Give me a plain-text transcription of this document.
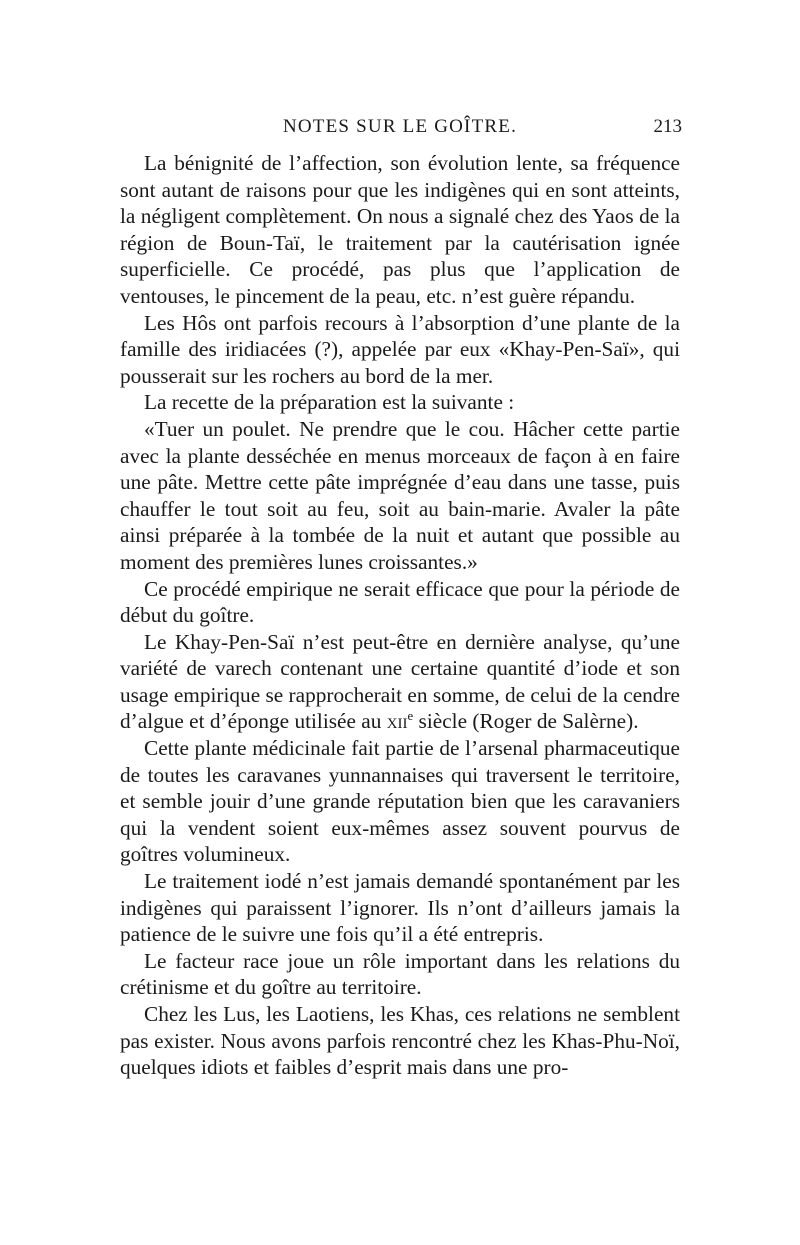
NOTES SUR LE GOÎTRE.	213

La bénignité de l’affection, son évolution lente, sa fréquence sont autant de raisons pour que les indigènes qui en sont atteints, la négligent complètement. On nous a signalé chez des Yaos de la région de Boun-Taï, le traitement par la cautérisation ignée superficielle. Ce procédé, pas plus que l’application de ventouses, le pincement de la peau, etc. n’est guère répandu.

Les Hôs ont parfois recours à l’absorption d’une plante de la famille des iridiacées (?), appelée par eux «Khay-Pen-Saï», qui pousserait sur les rochers au bord de la mer.

La recette de la préparation est la suivante :

«Tuer un poulet. Ne prendre que le cou. Hâcher cette partie avec la plante desséchée en menus morceaux de façon à en faire une pâte. Mettre cette pâte imprégnée d’eau dans une tasse, puis chauffer le tout soit au feu, soit au bain-marie. Avaler la pâte ainsi préparée à la tombée de la nuit et autant que possible au moment des premières lunes croissantes.»

Ce procédé empirique ne serait efficace que pour la période de début du goître.

Le Khay-Pen-Saï n’est peut-être en dernière analyse, qu’une variété de varech contenant une certaine quantité d’iode et son usage empirique se rapprocherait en somme, de celui de la cendre d’algue et d’éponge utilisée au xii$^e$ siècle (Roger de Salèrne).

Cette plante médicinale fait partie de l’arsenal pharmaceutique de toutes les caravanes yunnannaises qui traversent le territoire, et semble jouir d’une grande réputation bien que les caravaniers qui la vendent soient eux-mêmes assez souvent pourvus de goîtres volumineux.

Le traitement iodé n’est jamais demandé spontanément par les indigènes qui paraissent l’ignorer. Ils n’ont d’ailleurs jamais la patience de le suivre une fois qu’il a été entrepris.

Le facteur race joue un rôle important dans les relations du crétinisme et du goître au territoire.

Chez les Lus, les Laotiens, les Khas, ces relations ne semblent pas exister. Nous avons parfois rencontré chez les Khas-Phu-Noï, quelques idiots et faibles d’esprit mais dans une pro-
